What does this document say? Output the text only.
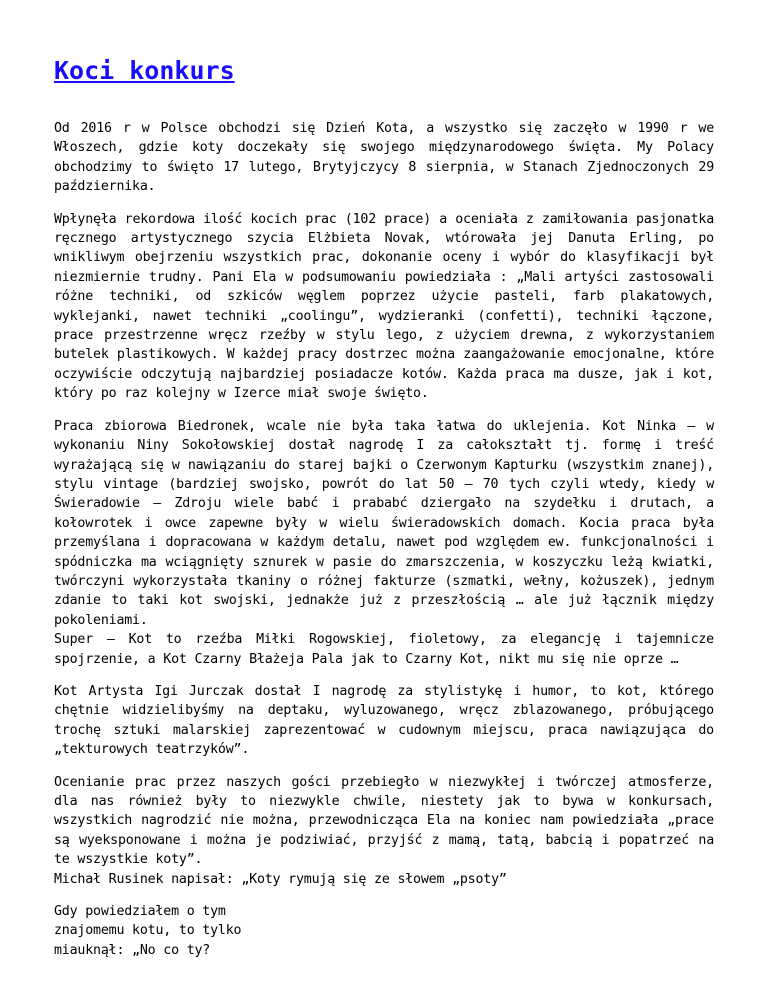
Koci konkurs

Od 2016 r w Polsce obchodzi się Dzień Kota, a wszystko się zaczęło w 1990 r we Włoszech, gdzie koty doczekały się swojego międzynarodowego święta. My Polacy obchodzimy to święto 17 lutego, Brytyjczycy 8 sierpnia, w Stanach Zjednoczonych 29 października.

Wpłynęła rekordowa ilość kocich prac (102 prace) a oceniała z zamiłowania pasjonatka ręcznego artystycznego szycia Elżbieta Novak, wtórowała jej Danuta Erling, po wnikliwym obejrzeniu wszystkich prac, dokonanie oceny i wybór do klasyfikacji był niezmiernie trudny. Pani Ela w podsumowaniu powiedziała : „Mali artyści zastosowali różne techniki, od szkiców węglem poprzez użycie pasteli, farb plakatowych, wyklejanki, nawet techniki „coolingu”, wydzieranki (confetti), techniki łączone, prace przestrzenne wręcz rzeźby w stylu lego, z użyciem drewna, z wykorzystaniem butelek plastikowych. W każdej pracy dostrzec można zaangażowanie emocjonalne, które oczywiście odczytują najbardziej posiadacze kotów. Każda praca ma dusze, jak i kot, który po raz kolejny w Izerce miał swoje święto.

Praca zbiorowa Biedronek, wcale nie była taka łatwa do uklejenia. Kot Ninka – w wykonaniu Niny Sokołowskiej dostał nagrodę I za całokształt tj. formę i treść wyrażającą się w nawiązaniu do starej bajki o Czerwonym Kapturku (wszystkim znanej), stylu vintage (bardziej swojsko, powrót do lat 50 – 70 tych czyli wtedy, kiedy w Świeradowie – Zdroju wiele babć i prababć dziergało na szydełku i drutach, a kołowrotek i owce zapewne były w wielu świeradowskich domach. Kocia praca była przemyślana i dopracowana w każdym detalu, nawet pod względem ew. funkcjonalności i spódniczka ma wciągnięty sznurek w pasie do zmarszczenia, w koszyczku leżą kwiatki, twórczyni wykorzystała tkaniny o różnej fakturze (szmatki, wełny, kożuszek), jednym zdanie to taki kot swojski, jednakże już z przeszłością … ale już łącznik między pokoleniami.

Super – Kot to rzeźba Miłki Rogowskiej, fioletowy, za elegancję i tajemnicze spojrzenie, a Kot Czarny Błażeja Pala jak to Czarny Kot, nikt mu się nie oprze …

Kot Artysta Igi Jurczak dostał I nagrodę za stylistykę i humor, to kot, którego chętnie widzielibyśmy na deptaku, wyluzowanego, wręcz zblazowanego, próbującego trochę sztuki malarskiej zaprezentować w cudownym miejscu, praca nawiązująca do „tekturowych teatrzyków”.

Ocenianie prac przez naszych gości przebiegło w niezwykłej i twórczej atmosferze, dla nas również były to niezwykle chwile, niestety jak to bywa w konkursach, wszystkich nagrodzić nie można, przewodnicząca Ela na koniec nam powiedziała „prace są wyeksponowane i można je podziwiać, przyjść z mamą, tatą, babcią i popatrzeć na te wszystkie koty”.

Michał Rusinek napisał: „Koty rymują się ze słowem „psoty”

Gdy powiedziałem o tym
znajomemu kotu, to tylko
miauknął: „No co ty?
